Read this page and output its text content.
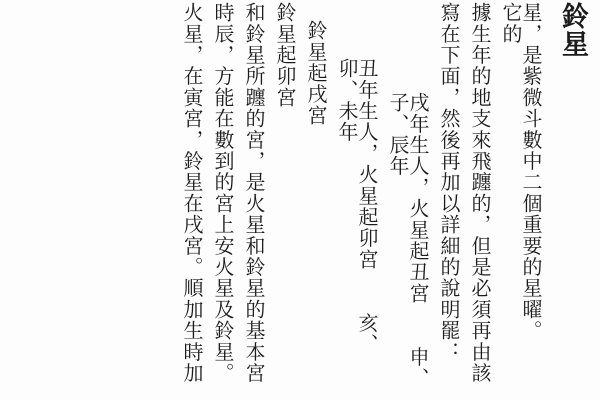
鈴星
星，是紫微斗數中二個重要的星曜。它的
據生年的地支來飛躔的，但是必須再由該
寫在下面，然後再加以詳細的說明罷：
戌年生人，火星起丑宮　　申、子、辰年
丑年生人，火星起卯宮　　亥、卯、未年
鈴星起戌宮
鈴星起卯宮
和鈴星所躔的宮，是火星和鈴星的基本宮
時辰，方能在數到的宮上安火星及鈴星。
火星，在寅宮，鈴星在戌宮。順加生時加
